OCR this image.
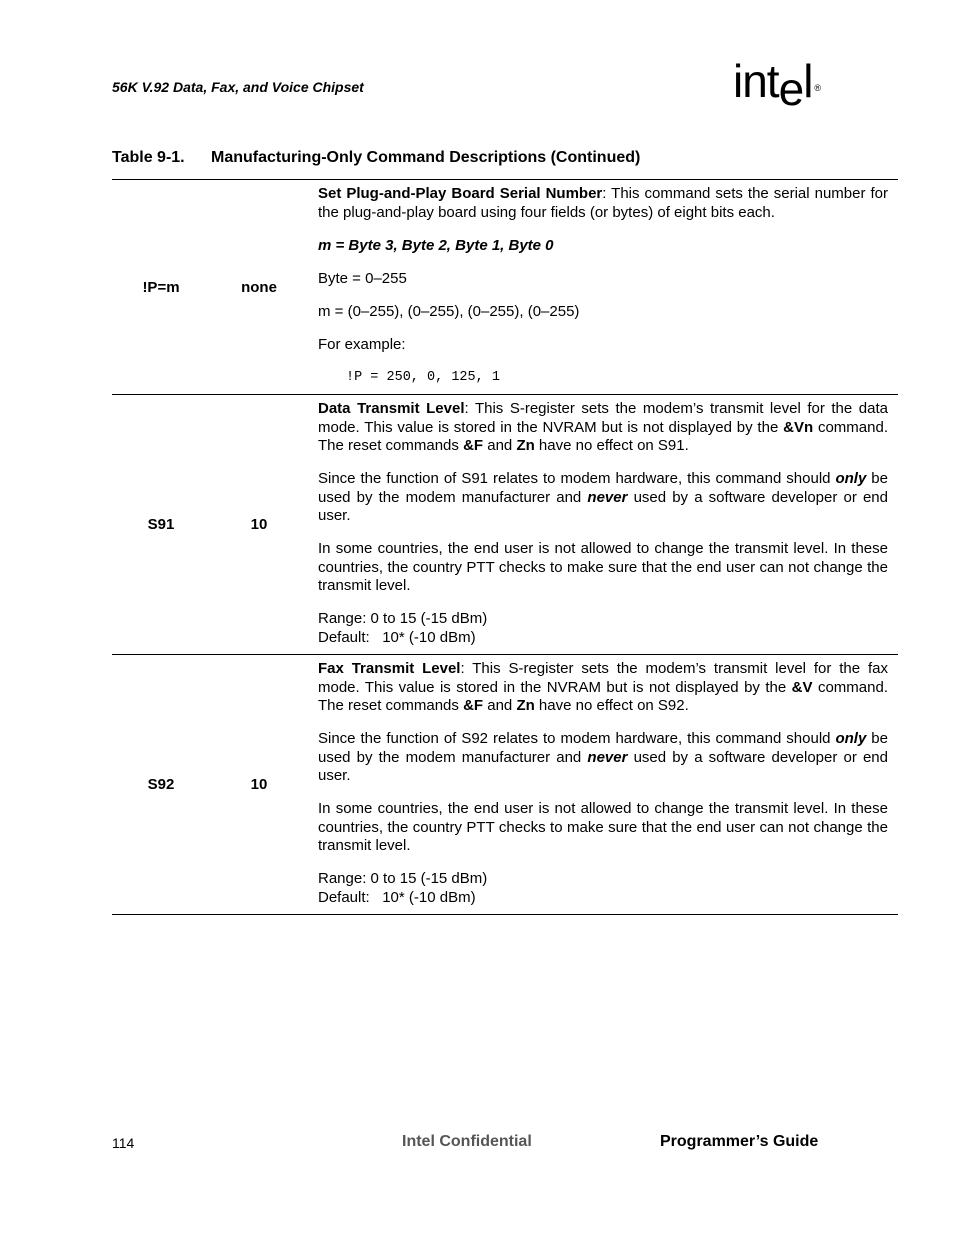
56K V.92 Data, Fax, and Voice Chipset	intel ®
Table 9-1. Manufacturing-Only Command Descriptions (Continued)
!P=m	none

Set Plug-and-Play Board Serial Number: This command sets the serial number for the plug-and-play board using four fields (or bytes) of eight bits each.

m = Byte 3, Byte 2, Byte 1, Byte 0

Byte = 0–255

m = (0–255), (0–255), (0–255), (0–255)

For example:

!P = 250, 0, 125, 1

S91	10

Data Transmit Level: This S-register sets the modem’s transmit level for the data mode. This value is stored in the NVRAM but is not displayed by the &Vn command. The reset commands &F and Zn have no effect on S91.

Since the function of S91 relates to modem hardware, this command should only be used by the modem manufacturer and never used by a software developer or end user.

In some countries, the end user is not allowed to change the transmit level. In these countries, the country PTT checks to make sure that the end user can not change the transmit level.

Range: 0 to 15 (-15 dBm)
Default: 10* (-10 dBm)

S92	10

Fax Transmit Level: This S-register sets the modem’s transmit level for the fax mode. This value is stored in the NVRAM but is not displayed by the &V command. The reset commands &F and Zn have no effect on S92.

Since the function of S92 relates to modem hardware, this command should only be used by the modem manufacturer and never used by a software developer or end user.

In some countries, the end user is not allowed to change the transmit level. In these countries, the country PTT checks to make sure that the end user can not change the transmit level.

Range: 0 to 15 (-15 dBm)
Default: 10* (-10 dBm)

114	Intel Confidential	Programmer’s Guide
